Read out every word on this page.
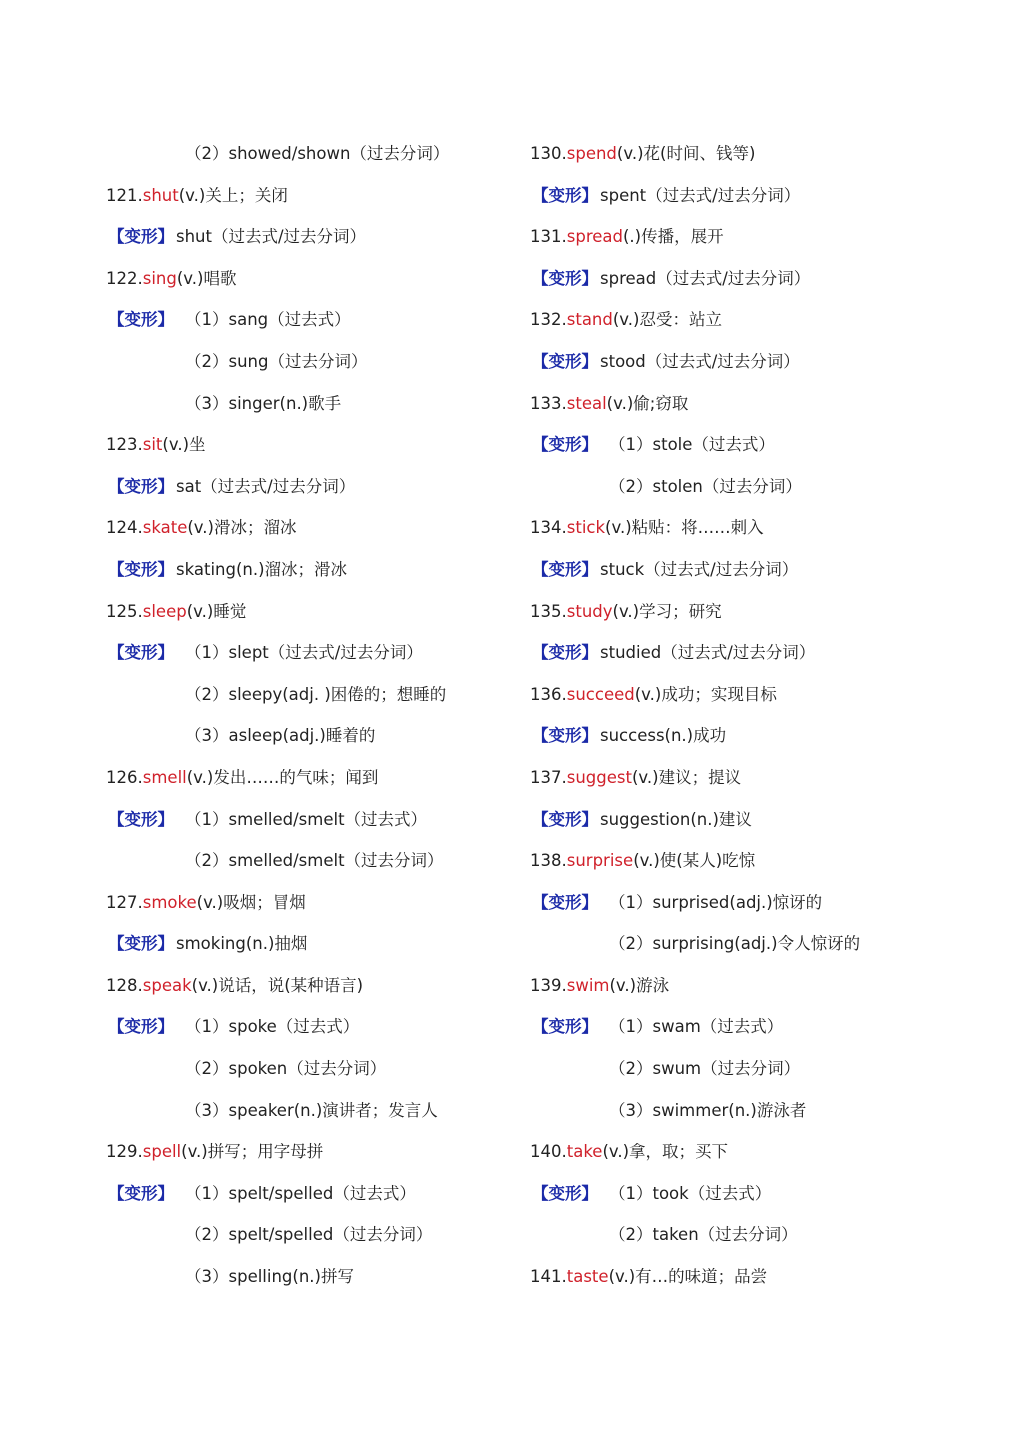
（2）showed/shown（过去分词）
121.shut(v.)关上；关闭
【变形】 shut（过去式/过去分词）
122.sing(v.)唱歌
【变形】 （1）sang（过去式）
（2）sung（过去分词）
（3）singer(n.)歌手
123.sit(v.)坐
【变形】 sat（过去式/过去分词）
124.skate(v.)滑冰；溜冰
【变形】 skating(n.)溜冰；滑冰
125.sleep(v.)睡觉
【变形】 （1）slept（过去式/过去分词）
（2）sleepy(adj. )困倦的；想睡的
（3）asleep(adj.)睡着的
126.smell(v.)发出……的气味；闻到
【变形】 （1）smelled/smelt（过去式）
（2）smelled/smelt（过去分词）
127.smoke(v.)吸烟；冒烟
【变形】 smoking(n.)抽烟
128.speak(v.)说话，说(某种语言)
【变形】 （1）spoke（过去式）
（2）spoken（过去分词）
（3）speaker(n.)演讲者；发言人
129.spell(v.)拼写；用字母拼
【变形】 （1）spelt/spelled（过去式）
（2）spelt/spelled（过去分词）
（3）spelling(n.)拼写
130.spend(v.)花(时间、钱等)
【变形】 spent（过去式/过去分词）
131.spread(.)传播，展开
【变形】 spread（过去式/过去分词）
132.stand(v.)忍受：站立
【变形】 stood（过去式/过去分词）
133.steal(v.)偷;窃取
【变形】 （1）stole（过去式）
（2）stolen（过去分词）
134.stick(v.)粘贴：将……刺入
【变形】 stuck（过去式/过去分词）
135.study(v.)学习；研究
【变形】 studied（过去式/过去分词）
136.succeed(v.)成功；实现目标
【变形】 success(n.)成功
137.suggest(v.)建议；提议
【变形】 suggestion(n.)建议
138.surprise(v.)使(某人)吃惊
【变形】 （1）surprised(adj.)惊讶的
（2）surprising(adj.)令人惊讶的
139.swim(v.)游泳
【变形】 （1）swam（过去式）
（2）swum（过去分词）
（3）swimmer(n.)游泳者
140.take(v.)拿，取；买下
【变形】 （1）took（过去式）
（2）taken（过去分词）
141.taste(v.)有…的味道；品尝
